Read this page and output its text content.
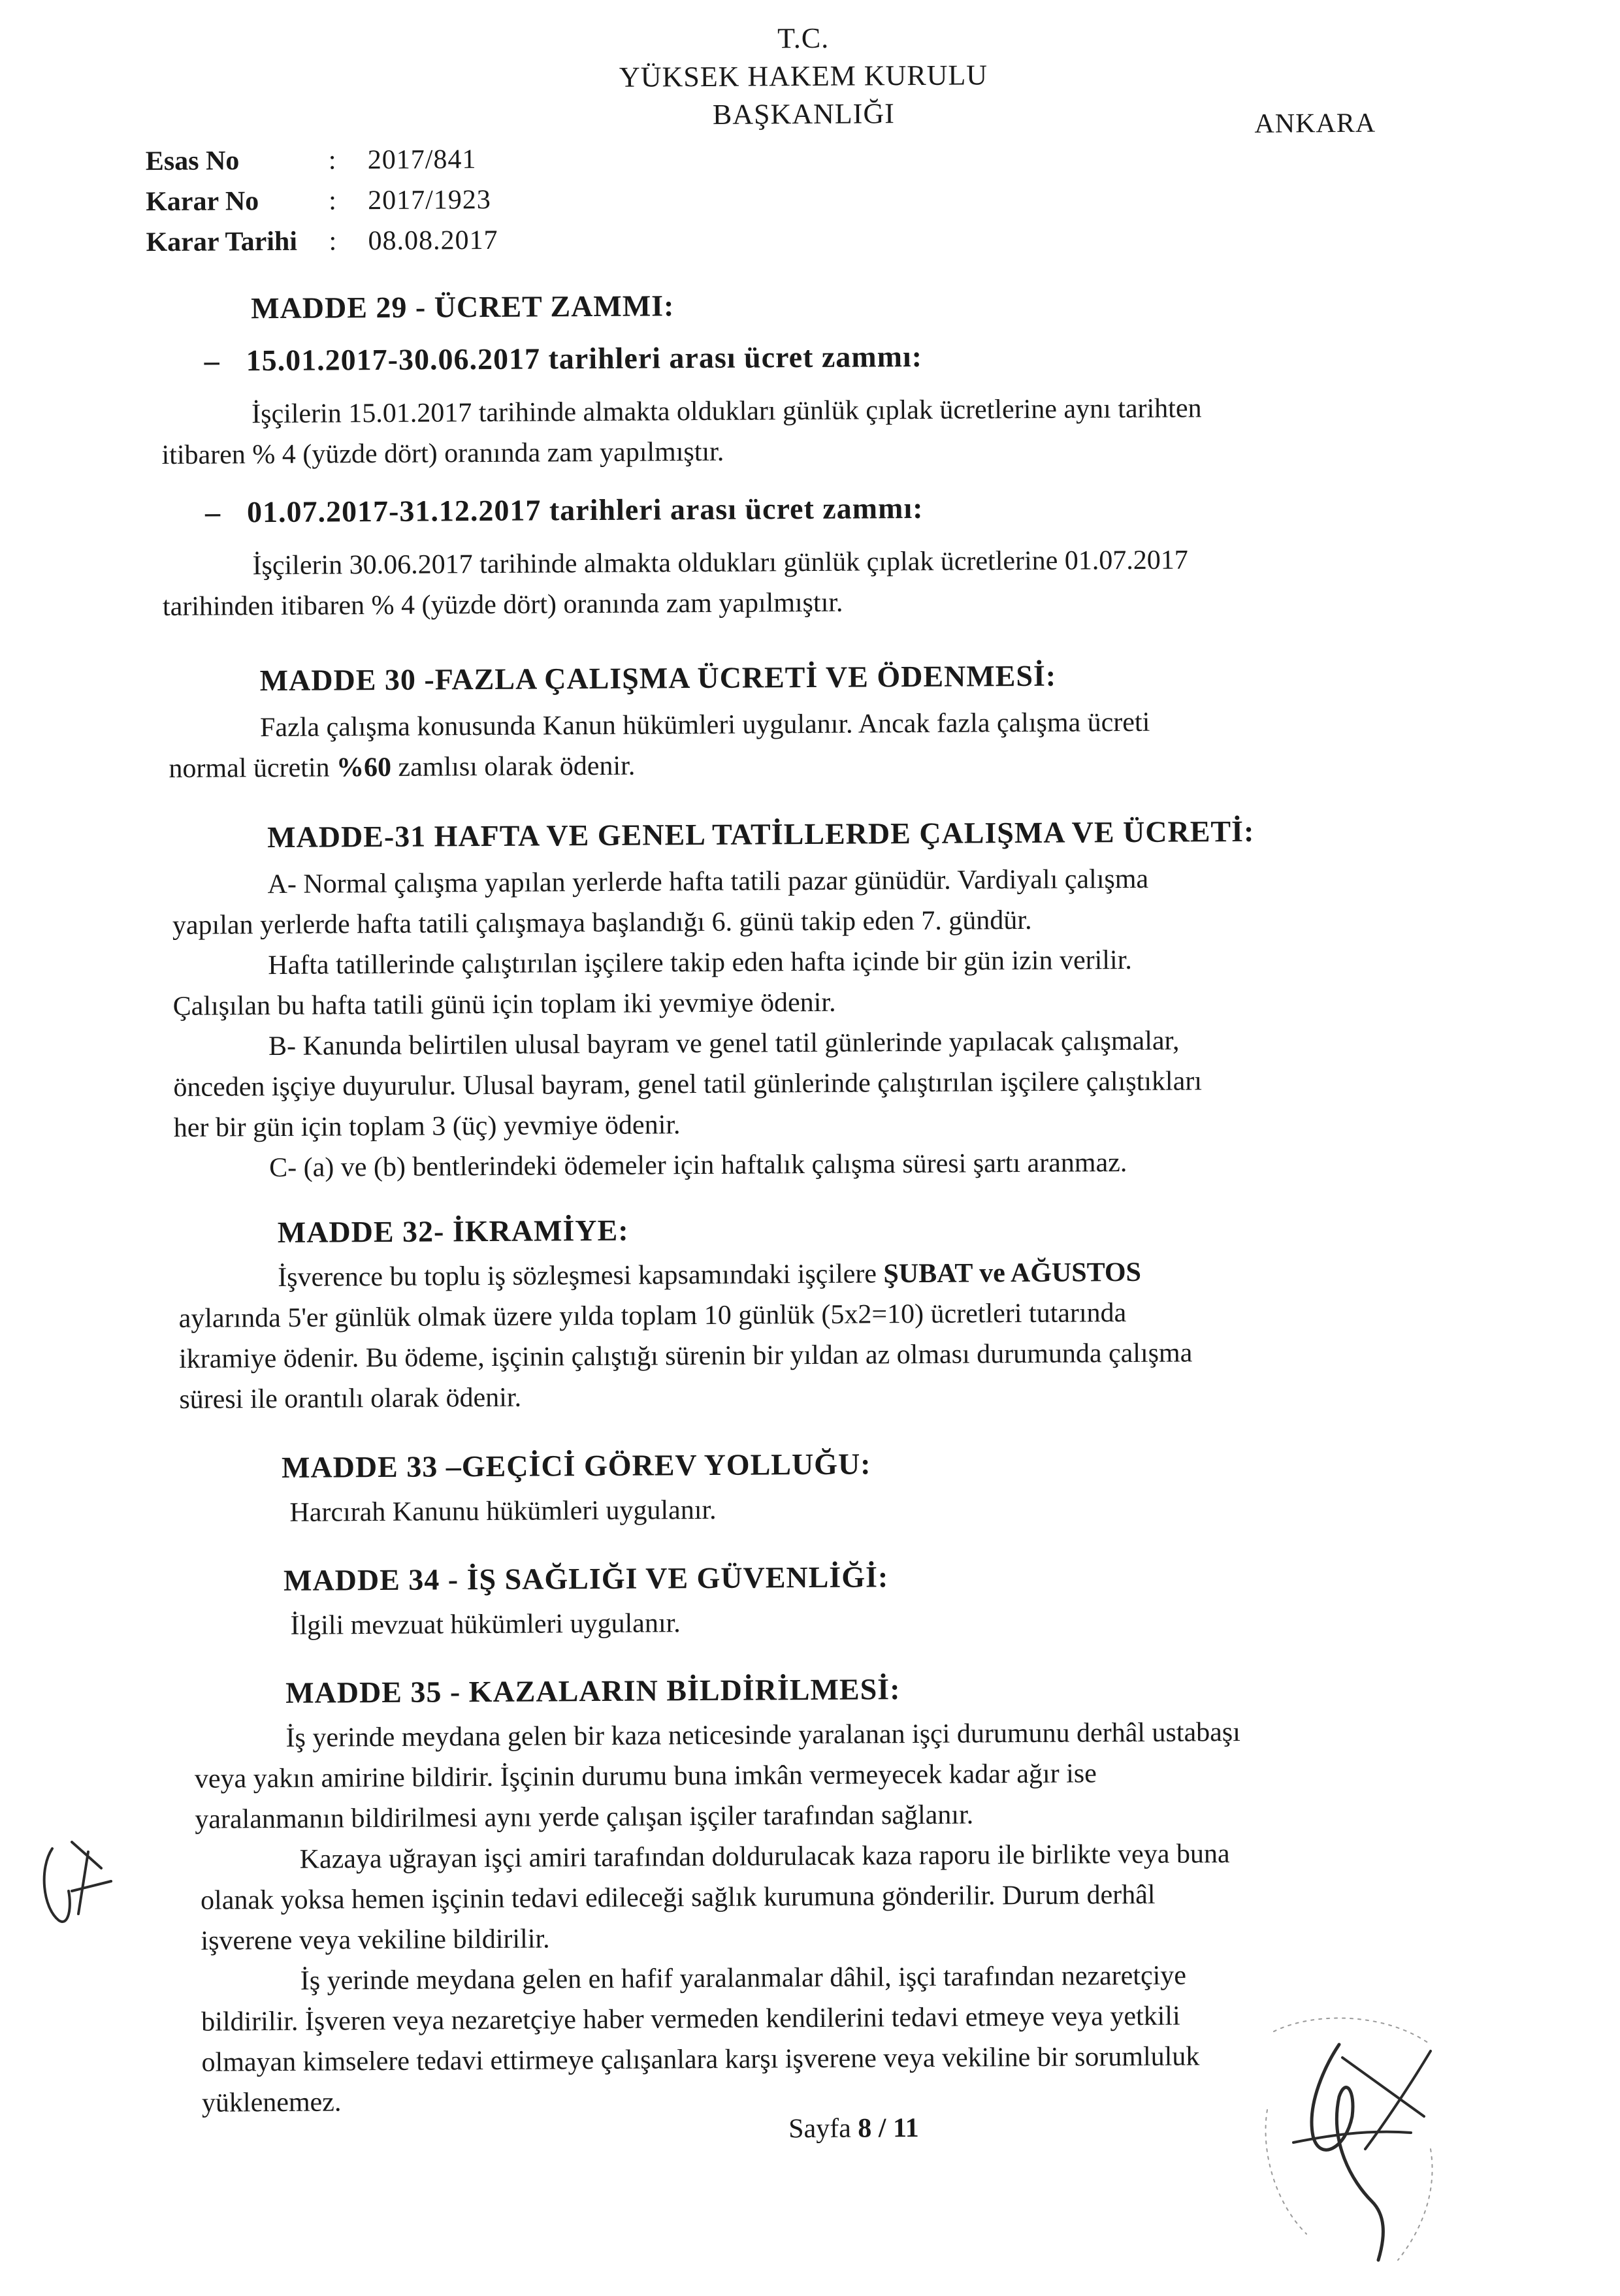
T.C.
YÜKSEK HAKEM KURULU
BAŞKANLIĞI	ANKARA
Esas No	:	2017/841
Karar No	:	2017/1923
Karar Tarihi	:	08.08.2017
MADDE 29 - ÜCRET ZAMMI:
– 15.01.2017-30.06.2017 tarihleri arası ücret zammı:
İşçilerin 15.01.2017 tarihinde almakta oldukları günlük çıplak ücretlerine aynı tarihten
itibaren % 4 (yüzde dört) oranında zam yapılmıştır.
– 01.07.2017-31.12.2017 tarihleri arası ücret zammı:
İşçilerin 30.06.2017 tarihinde almakta oldukları günlük çıplak ücretlerine 01.07.2017
tarihinden itibaren % 4 (yüzde dört) oranında zam yapılmıştır.
MADDE 30 -FAZLA ÇALIŞMA ÜCRETİ VE ÖDENMESİ:
Fazla çalışma konusunda Kanun hükümleri uygulanır. Ancak fazla çalışma ücreti
normal ücretin %60 zamlısı olarak ödenir.
MADDE-31 HAFTA VE GENEL TATİLLERDE ÇALIŞMA VE ÜCRETİ:
A- Normal çalışma yapılan yerlerde hafta tatili pazar günüdür. Vardiyalı çalışma
yapılan yerlerde hafta tatili çalışmaya başlandığı 6. günü takip eden 7. gündür.
Hafta tatillerinde çalıştırılan işçilere takip eden hafta içinde bir gün izin verilir.
Çalışılan bu hafta tatili günü için toplam iki yevmiye ödenir.
B- Kanunda belirtilen ulusal bayram ve genel tatil günlerinde yapılacak çalışmalar,
önceden işçiye duyurulur. Ulusal bayram, genel tatil günlerinde çalıştırılan işçilere çalıştıkları
her bir gün için toplam 3 (üç) yevmiye ödenir.
C- (a) ve (b) bentlerindeki ödemeler için haftalık çalışma süresi şartı aranmaz.
MADDE 32- İKRAMİYE:
İşverence bu toplu iş sözleşmesi kapsamındaki işçilere ŞUBAT ve AĞUSTOS
aylarında 5'er günlük olmak üzere yılda toplam 10 günlük (5x2=10) ücretleri tutarında
ikramiye ödenir. Bu ödeme, işçinin çalıştığı sürenin bir yıldan az olması durumunda çalışma
süresi ile orantılı olarak ödenir.
MADDE 33 –GEÇİCİ GÖREV YOLLUĞU:
Harcırah Kanunu hükümleri uygulanır.
MADDE 34 - İŞ SAĞLIĞI VE GÜVENLİĞİ:
İlgili mevzuat hükümleri uygulanır.
MADDE 35 - KAZALARIN BİLDİRİLMESİ:
İş yerinde meydana gelen bir kaza neticesinde yaralanan işçi durumunu derhâl ustabaşı
veya yakın amirine bildirir. İşçinin durumu buna imkân vermeyecek kadar ağır ise
yaralanmanın bildirilmesi aynı yerde çalışan işçiler tarafından sağlanır.
Kazaya uğrayan işçi amiri tarafından doldurulacak kaza raporu ile birlikte veya buna
olanak yoksa hemen işçinin tedavi edileceği sağlık kurumuna gönderilir. Durum derhâl
işverene veya vekiline bildirilir.
İş yerinde meydana gelen en hafif yaralanmalar dâhil, işçi tarafından nezaretçiye
bildirilir. İşveren veya nezaretçiye haber vermeden kendilerini tedavi etmeye veya yetkili
olmayan kimselere tedavi ettirmeye çalışanlara karşı işverene veya vekiline bir sorumluluk
yüklenemez.
Sayfa 8 / 11
